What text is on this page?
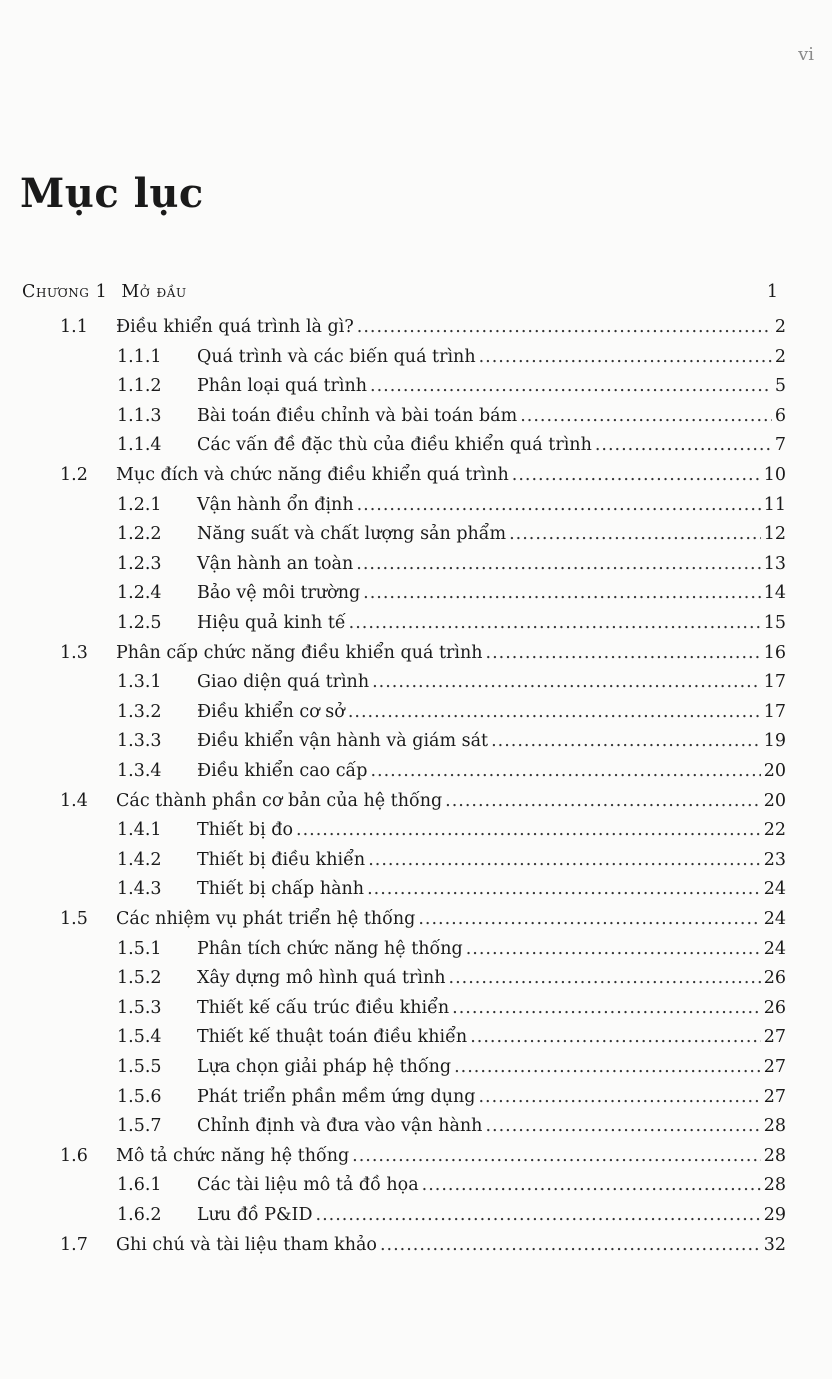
vi
Mục lục
Chương 1 Mở đầu	1
1.1	Điều khiển quá trình là gì? .....	2
1.1.1	Quá trình và các biến quá trình .....	2
1.1.2	Phân loại quá trình .....	5
1.1.3	Bài toán điều chỉnh và bài toán bám .....	6
1.1.4	Các vấn đề đặc thù của điều khiển quá trình .....	7
1.2	Mục đích và chức năng điều khiển quá trình .....	10
1.2.1	Vận hành ổn định .....	11
1.2.2	Năng suất và chất lượng sản phẩm .....	12
1.2.3	Vận hành an toàn .....	13
1.2.4	Bảo vệ môi trường .....	14
1.2.5	Hiệu quả kinh tế .....	15
1.3	Phân cấp chức năng điều khiển quá trình .....	16
1.3.1	Giao diện quá trình .....	17
1.3.2	Điều khiển cơ sở .....	17
1.3.3	Điều khiển vận hành và giám sát .....	19
1.3.4	Điều khiển cao cấp .....	20
1.4	Các thành phần cơ bản của hệ thống .....	20
1.4.1	Thiết bị đo .....	22
1.4.2	Thiết bị điều khiển .....	23
1.4.3	Thiết bị chấp hành .....	24
1.5	Các nhiệm vụ phát triển hệ thống .....	24
1.5.1	Phân tích chức năng hệ thống .....	24
1.5.2	Xây dựng mô hình quá trình .....	26
1.5.3	Thiết kế cấu trúc điều khiển .....	26
1.5.4	Thiết kế thuật toán điều khiển .....	27
1.5.5	Lựa chọn giải pháp hệ thống .....	27
1.5.6	Phát triển phần mềm ứng dụng .....	27
1.5.7	Chỉnh định và đưa vào vận hành .....	28
1.6	Mô tả chức năng hệ thống .....	28
1.6.1	Các tài liệu mô tả đồ họa .....	28
1.6.2	Lưu đồ P&ID .....	29
1.7	Ghi chú và tài liệu tham khảo .....	32
